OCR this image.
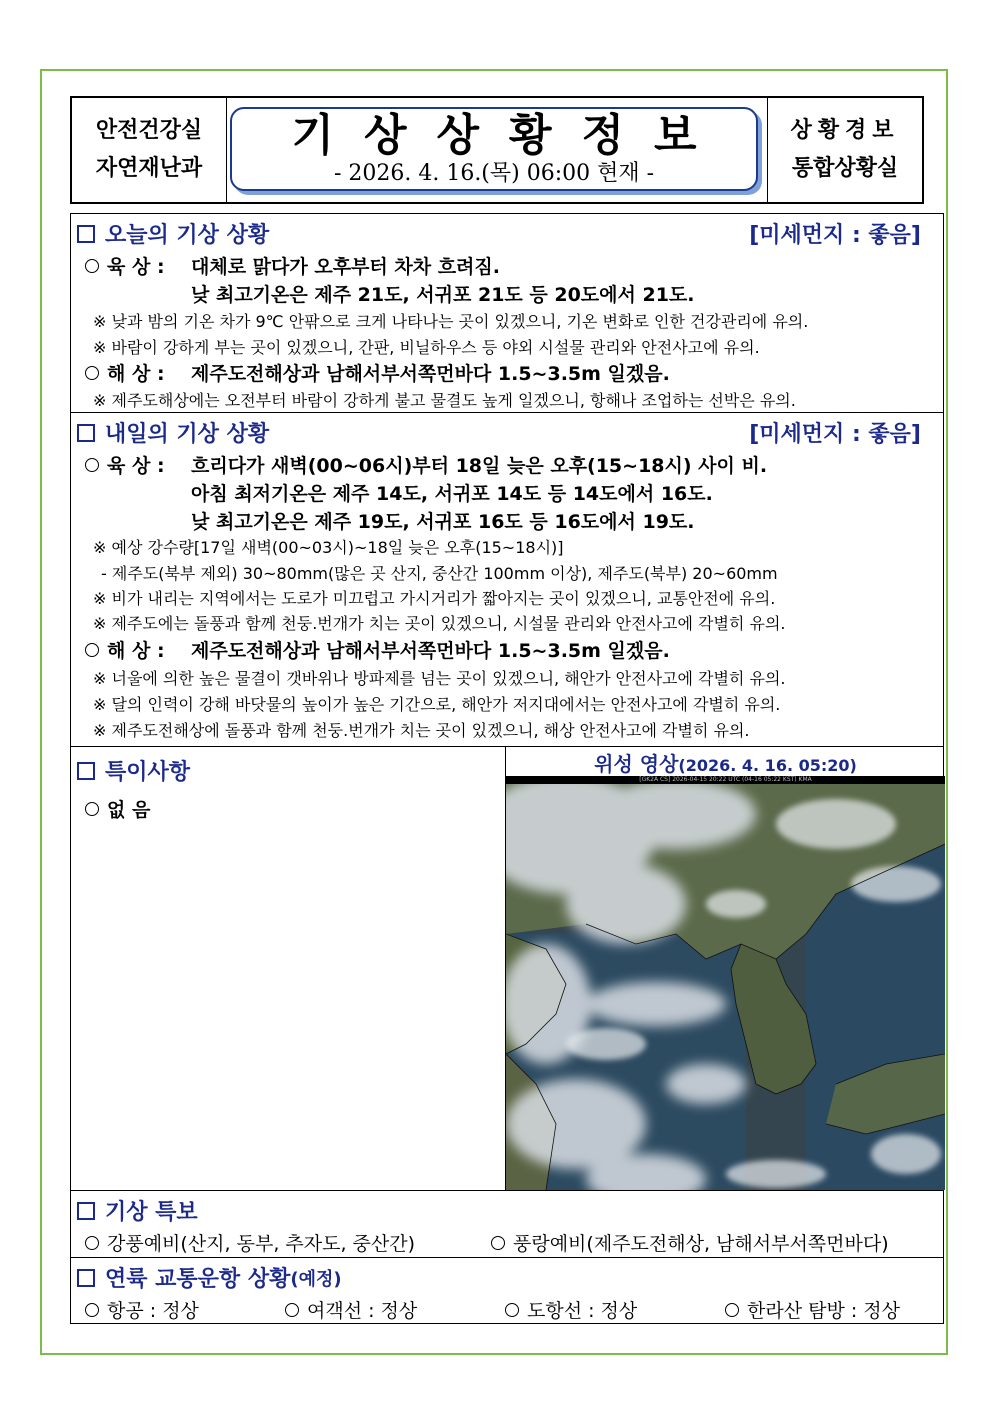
안전건강실
자연재난과
기상상황정보
- 2026. 4. 16.(목) 06:00 현재 -
상황경보
통합상황실
오늘의 기상 상황	[미세먼지 : 좋음]
육 상 : 대체로 맑다가 오후부터 차차 흐려짐.
낮 최고기온은 제주 21도, 서귀포 21도 등 20도에서 21도.
※ 낮과 밤의 기온 차가 9℃ 안팎으로 크게 나타나는 곳이 있겠으니, 기온 변화로 인한 건강관리에 유의.
※ 바람이 강하게 부는 곳이 있겠으니, 간판, 비닐하우스 등 야외 시설물 관리와 안전사고에 유의.
해 상 : 제주도전해상과 남해서부서쪽먼바다 1.5~3.5m 일겠음.
※ 제주도해상에는 오전부터 바람이 강하게 불고 물결도 높게 일겠으니, 항해나 조업하는 선박은 유의.
내일의 기상 상황	[미세먼지 : 좋음]
육 상 : 흐리다가 새벽(00~06시)부터 18일 늦은 오후(15~18시) 사이 비.
아침 최저기온은 제주 14도, 서귀포 14도 등 14도에서 16도.
낮 최고기온은 제주 19도, 서귀포 16도 등 16도에서 19도.
※ 예상 강수량[17일 새벽(00~03시)~18일 늦은 오후(15~18시)]
- 제주도(북부 제외) 30~80mm(많은 곳 산지, 중산간 100mm 이상), 제주도(북부) 20~60mm
※ 비가 내리는 지역에서는 도로가 미끄럽고 가시거리가 짧아지는 곳이 있겠으니, 교통안전에 유의.
※ 제주도에는 돌풍과 함께 천둥.번개가 치는 곳이 있겠으니, 시설물 관리와 안전사고에 각별히 유의.
해 상 : 제주도전해상과 남해서부서쪽먼바다 1.5~3.5m 일겠음.
※ 너울에 의한 높은 물결이 갯바위나 방파제를 넘는 곳이 있겠으니, 해안가 안전사고에 각별히 유의.
※ 달의 인력이 강해 바닷물의 높이가 높은 기간으로, 해안가 저지대에서는 안전사고에 각별히 유의.
※ 제주도전해상에 돌풍과 함께 천둥.번개가 치는 곳이 있겠으니, 해상 안전사고에 각별히 유의.
특이사항
없 음
위성 영상(2026. 4. 16. 05:20)
[GK2A CS] 2026-04-15 20:22 UTC (04-16 05:22 KST) KMA
기상 특보
강풍예비(산지, 동부, 추자도, 중산간)	풍랑예비(제주도전해상, 남해서부서쪽먼바다)
연륙 교통운항 상황 (예정)
항공 : 정상	여객선 : 정상	도항선 : 정상	한라산 탐방 : 정상
